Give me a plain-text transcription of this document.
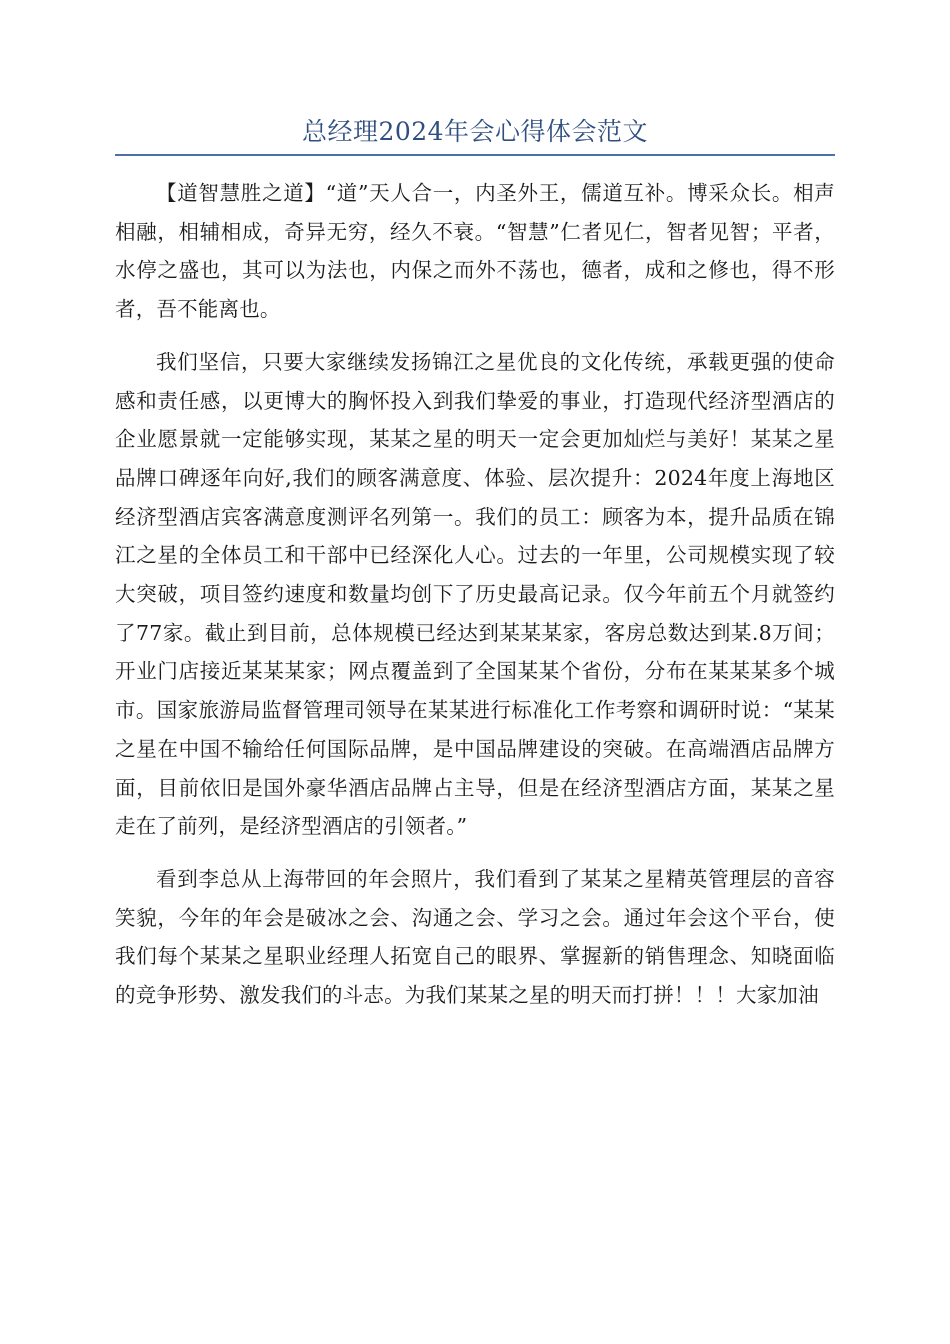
总经理2024年会心得体会范文

【道智慧胜之道】“道”天人合一，内圣外王，儒道互补。博采众长。相声相融，相辅相成，奇异无穷，经久不衰。“智慧”仁者见仁，智者见智；平者，水停之盛也，其可以为法也，内保之而外不荡也，德者，成和之修也，得不形者，吾不能离也。

我们坚信，只要大家继续发扬锦江之星优良的文化传统，承载更强的使命感和责任感，以更博大的胸怀投入到我们挚爱的事业，打造现代经济型酒店的企业愿景就一定能够实现，某某之星的明天一定会更加灿烂与美好！某某之星品牌口碑逐年向好,我们的顾客满意度、体验、层次提升：2024年度上海地区经济型酒店宾客满意度测评名列第一。我们的员工：顾客为本，提升品质在锦江之星的全体员工和干部中已经深化人心。过去的一年里，公司规模实现了较大突破，项目签约速度和数量均创下了历史最高记录。仅今年前五个月就签约了77家。截止到目前，总体规模已经达到某某某家，客房总数达到某.8万间；开业门店接近某某某家；网点覆盖到了全国某某个省份，分布在某某某多个城市。国家旅游局监督管理司领导在某某进行标准化工作考察和调研时说：“某某之星在中国不输给任何国际品牌，是中国品牌建设的突破。在高端酒店品牌方面，目前依旧是国外豪华酒店品牌占主导，但是在经济型酒店方面，某某之星走在了前列，是经济型酒店的引领者。”

看到李总从上海带回的年会照片，我们看到了某某之星精英管理层的音容笑貌，今年的年会是破冰之会、沟通之会、学习之会。通过年会这个平台，使我们每个某某之星职业经理人拓宽自己的眼界、掌握新的销售理念、知晓面临的竞争形势、激发我们的斗志。为我们某某之星的明天而打拼！！！大家加油
